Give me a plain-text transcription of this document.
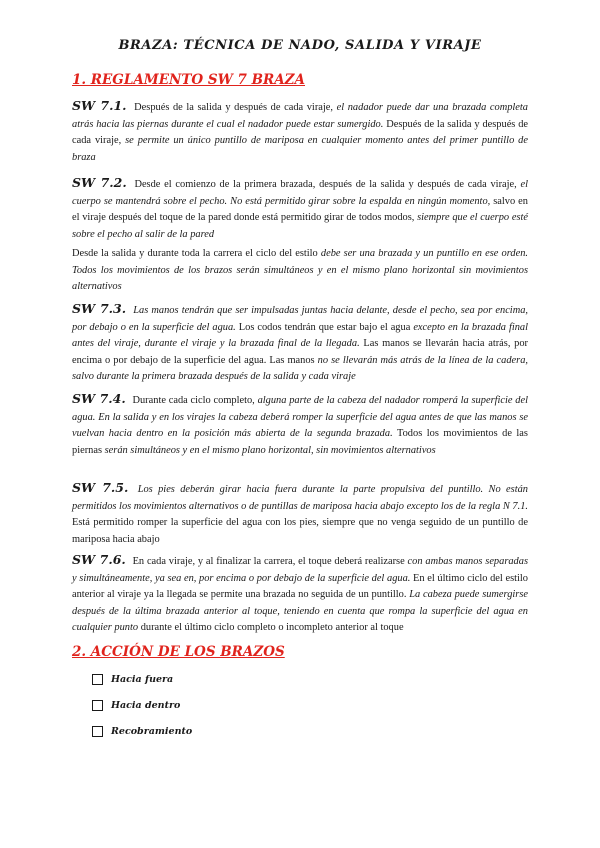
BRAZA: TÉCNICA DE NADO, SALIDA Y VIRAJE
1. REGLAMENTO SW 7 BRAZA
SW 7.1. Después de la salida y después de cada viraje, el nadador puede dar una brazada completa atrás hacia las piernas durante el cual el nadador puede estar sumergido. Después de la salida y después de cada viraje, se permite un único puntillo de mariposa en cualquier momento antes del primer puntillo de braza
SW 7.2. Desde el comienzo de la primera brazada, después de la salida y después de cada viraje, el cuerpo se mantendrá sobre el pecho. No está permitido girar sobre la espalda en ningún momento, salvo en el viraje después del toque de la pared donde está permitido girar de todos modos, siempre que el cuerpo esté sobre el pecho al salir de la pared
Desde la salida y durante toda la carrera el ciclo del estilo debe ser una brazada y un puntillo en ese orden. Todos los movimientos de los brazos serán simultáneos y en el mismo plano horizontal sin movimientos alternativos
SW 7.3. Las manos tendrán que ser impulsadas juntas hacia delante, desde el pecho, sea por encima, por debajo o en la superficie del agua. Los codos tendrán que estar bajo el agua excepto en la brazada final antes del viraje, durante el viraje y la brazada final de la llegada. Las manos se llevarán hacia atrás, por encima o por debajo de la superficie del agua. Las manos no se llevarán más atrás de la línea de la cadera, salvo durante la primera brazada después de la salida y cada viraje
SW 7.4. Durante cada ciclo completo, alguna parte de la cabeza del nadador romperá la superficie del agua. En la salida y en los virajes la cabeza deberá romper la superficie del agua antes de que las manos se vuelvan hacia dentro en la posición más abierta de la segunda brazada. Todos los movimientos de las piernas serán simultáneos y en el mismo plano horizontal, sin movimientos alternativos
SW 7.5. Los pies deberán girar hacia fuera durante la parte propulsiva del puntillo. No están permitidos los movimientos alternativos o de puntillas de mariposa hacia abajo excepto los de la regla N 7.1. Está permitido romper la superficie del agua con los pies, siempre que no venga seguido de un puntillo de mariposa hacia abajo
SW 7.6. En cada viraje, y al finalizar la carrera, el toque deberá realizarse con ambas manos separadas y simultáneamente, ya sea en, por encima o por debajo de la superficie del agua. En el último ciclo del estilo anterior al viraje ya la llegada se permite una brazada no seguida de un puntillo. La cabeza puede sumergirse después de la última brazada anterior al toque, teniendo en cuenta que rompa la superficie del agua en cualquier punto durante el último ciclo completo o incompleto anterior al toque
2. ACCIÓN DE LOS BRAZOS
Hacia fuera
Hacia dentro
Recobramiento
